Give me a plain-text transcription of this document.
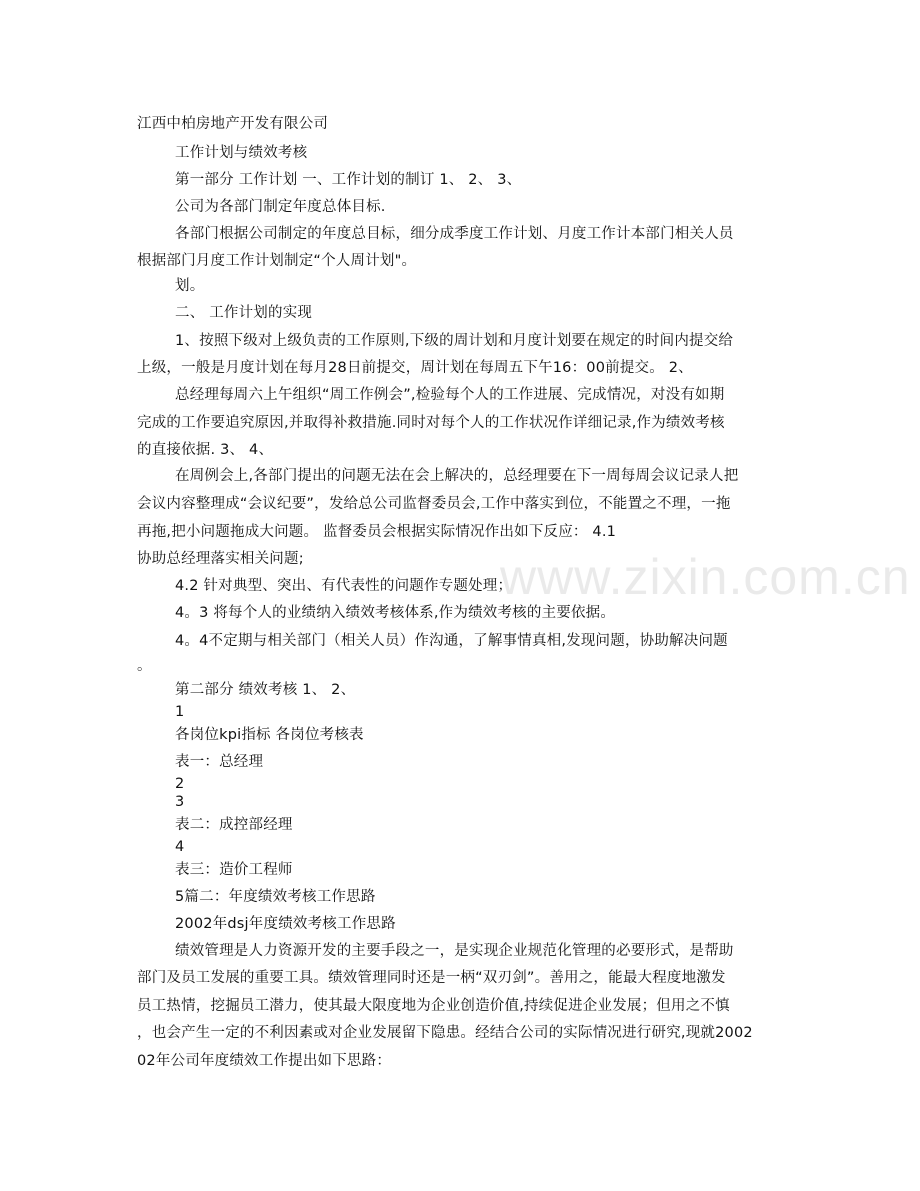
www.zixin.com.cn
江西中柏房地产开发有限公司
工作计划与绩效考核
第一部分 工作计划 一、工作计划的制订 1、 2、 3、
公司为各部门制定年度总体目标.
各部门根据公司制定的年度总目标，细分成季度工作计划、月度工作计本部门相关人员
根据部门月度工作计划制定“个人周计划"。
划。
二、 工作计划的实现
1、按照下级对上级负责的工作原则,下级的周计划和月度计划要在规定的时间内提交给
上级，一般是月度计划在每月28日前提交，周计划在每周五下午16：00前提交。 2、
总经理每周六上午组织“周工作例会”,检验每个人的工作进展、完成情况，对没有如期
完成的工作要追究原因,并取得补救措施.同时对每个人的工作状况作详细记录,作为绩效考核
的直接依据. 3、 4、
在周例会上,各部门提出的问题无法在会上解决的，总经理要在下一周每周会议记录人把
会议内容整理成“会议纪要”，发给总公司监督委员会,工作中落实到位，不能置之不理，一拖
再拖,把小问题拖成大问题。 监督委员会根据实际情况作出如下反应： 4.1
协助总经理落实相关问题;
4.2 针对典型、突出、有代表性的问题作专题处理；
4。3 将每个人的业绩纳入绩效考核体系,作为绩效考核的主要依据。
4。4不定期与相关部门（相关人员）作沟通，了解事情真相,发现问题，协助解决问题
。
第二部分 绩效考核 1、 2、
1
各岗位kpi指标 各岗位考核表
表一：总经理
2
3
表二：成控部经理
4
表三：造价工程师
5篇二：年度绩效考核工作思路
2002年dsj年度绩效考核工作思路
绩效管理是人力资源开发的主要手段之一，是实现企业规范化管理的必要形式，是帮助
部门及员工发展的重要工具。绩效管理同时还是一柄“双刃剑”。善用之，能最大程度地激发
员工热情，挖掘员工潜力，使其最大限度地为企业创造价值,持续促进企业发展；但用之不慎
，也会产生一定的不利因素或对企业发展留下隐患。经结合公司的实际情况进行研究,现就2002
02年公司年度绩效工作提出如下思路：
